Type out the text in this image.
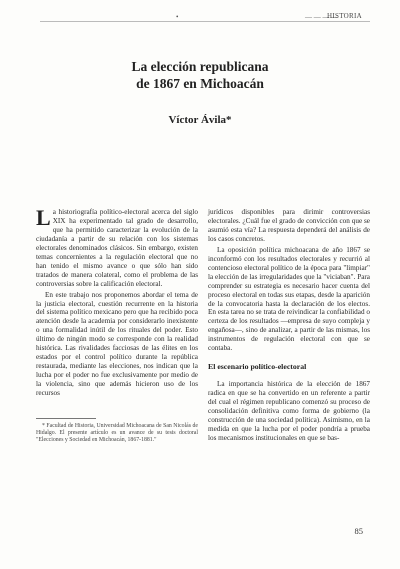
•	— — — —
HISTORIA
La elección republicana
de 1867 en Michoacán
Víctor Ávila*

La historiografía político-electoral acerca del siglo XIX ha experimentado tal grado de desarrollo, que ha permitido caracterizar la evolución de la ciudadanía a partir de su relación con los sistemas electorales denominados clásicos. Sin embargo, existen temas concernientes a la regulación electoral que no han tenido el mismo avance o que sólo han sido tratados de manera colateral, como el problema de las controversias sobre la calificación electoral.

En este trabajo nos proponemos abordar el tema de la justicia electoral, cuestión recurrente en la historia del sistema político mexicano pero que ha recibido poca atención desde la academia por considerarlo inexistente o una formalidad inútil de los rituales del poder. Esto último de ningún modo se corresponde con la realidad histórica. Las rivalidades facciosas de las élites en los estados por el control político durante la república restaurada, mediante las elecciones, nos indican que la lucha por el poder no fue exclusivamente por medio de la violencia, sino que además hicieron uso de los recursos

* Facultad de Historia, Universidad Michoacana de San Nicolás de Hidalgo. El presente artículo es un avance de su tesis doctoral "Elecciones y Sociedad en Michoacán, 1867-1881."

jurídicos disponibles para dirimir controversias electorales. ¿Cuál fue el grado de convicción con que se asumió esta vía? La respuesta dependerá del análisis de los casos concretos.

La oposición política michoacana de año 1867 se inconformó con los resultados electorales y recurrió al contencioso electoral político de la época para "limpiar" la elección de las irregularidades que la "viciaban". Para comprender su estrategia es necesario hacer cuenta del proceso electoral en todas sus etapas, desde la aparición de la convocatoria hasta la declaración de los electos. En esta tarea no se trata de reivindicar la confiabilidad o certeza de los resultados —empresa de suyo compleja y engañosa—, sino de analizar, a partir de las mismas, los instrumentos de regulación electoral con que se contaba.

El escenario político-electoral

La importancia histórica de la elección de 1867 radica en que se ha convertido en un referente a partir del cual el régimen republicano comenzó su proceso de consolidación definitiva como forma de gobierno (la construcción de una sociedad política). Asimismo, en la medida en que la lucha por el poder pondría a prueba los mecanismos institucionales en que se bas-

85
